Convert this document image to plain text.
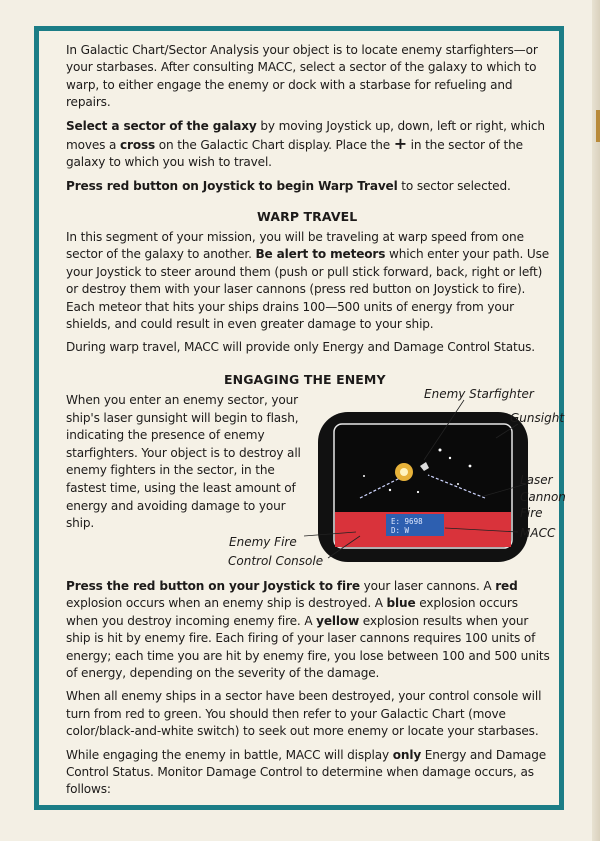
In Galactic Chart/Sector Analysis your object is to locate enemy starfighters—or your starbases. After consulting MACC, select a sector of the galaxy to which to warp, to either engage the enemy or dock with a starbase for refueling and repairs.

Select a sector of the galaxy by moving Joystick up, down, left or right, which moves a cross on the Galactic Chart display. Place the + in the sector of the galaxy to which you wish to travel.

Press red button on Joystick to begin Warp Travel to sector selected.

WARP TRAVEL

In this segment of your mission, you will be traveling at warp speed from one sector of the galaxy to another. Be alert to meteors which enter your path. Use your Joystick to steer around them (push or pull stick forward, back, right or left) or destroy them with your laser cannons (press red button on Joystick to fire). Each meteor that hits your ships drains 100—500 units of energy from your shields, and could result in even greater damage to your ship.

During warp travel, MACC will provide only Energy and Damage Control Status.

ENGAGING THE ENEMY
When you enter an enemy sector, your ship's laser gunsight will begin to flash, indicating the presence of enemy starfighters. Your object is to destroy all enemy fighters in the sector, in the fastest time, using the least amount of energy and avoiding damage to your ship.	E: 9698
D: W
Enemy Starfighter
Gunsight
Laser Cannon Fire
MACC
Enemy Fire
Control Console

Press the red button on your Joystick to fire your laser cannons. A red explosion occurs when an enemy ship is destroyed. A blue explosion occurs when you destroy incoming enemy fire. A yellow explosion results when your ship is hit by enemy fire. Each firing of your laser cannons requires 100 units of energy; each time you are hit by enemy fire, you lose between 100 and 500 units of energy, depending on the severity of the damage.

When all enemy ships in a sector have been destroyed, your control console will turn from red to green. You should then refer to your Galactic Chart (move color/black-and-white switch) to seek out more enemy or locate your starbases.

While engaging the enemy in battle, MACC will display only Energy and Damage Control Status. Monitor Damage Control to determine when damage occurs, as follows:
